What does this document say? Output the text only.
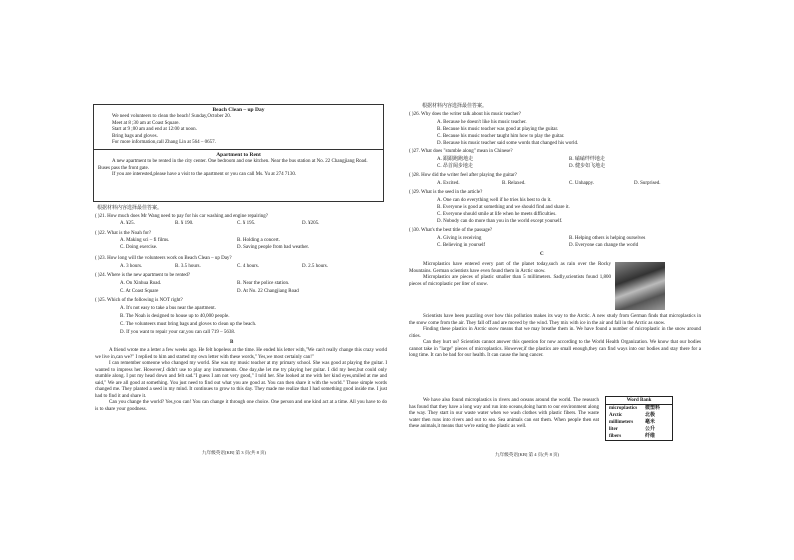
Beach Clean – up Day
We need volunteers to clean the beach! Sunday,October 20.
Meet at 8 ;30 am at Coast Square.
Start at 9 ;00 am and end at 12:00 at noon.
Bring bags and gloves.
For more information,call Zhang Lin at 564 – 0657.
Apartment to Rent
A new apartment to be rented in the city center. One bedroom and one kitchen. Near the bus station at No. 22 Changjiang Road. Buses pass the front gate.
If you are interested,please have a visit to the apartment or you can call Ms. Yu at 274 7130.
根据材料内容选择最佳答案。
( )21. How much does Mr Wang need to pay for his car washing and engine repairing?
A. ¥25.	B. ¥ 190.	C. ¥ 195.	D. ¥205.
( )22. What is the Noah for?
A. Making sci – fi films.	B. Holding a concert.
C. Doing exercise.	D. Saving people from bad weather.
( )23. How long will the volunteers work on Beach Clean – up Day?
A. 3 hours.	B. 3.5 hours.	C. 4 hours.	D. 2.5 hours.
( )24. Where is the new apartment to be rented?
A. On Xinhua Road.	B. Near the police station.
C. At Coast Square	D. At No. 22 Changjiang Road
( )25. Which of the following is NOT right?
A. It's not easy to take a bus near the apartment.
B. The Noah is designed to house up to 40,000 people.
C. The volunteers must bring bags and gloves to clean up the beach.
D. If you want to repair your car,you can call 719 – 5638.
B

A friend wrote me a letter a few weeks ago. He felt hopeless at the time. He ended his letter with,"We can't really change this crazy world we live in,can we?" I replied to him and started my own letter with these words," Yes,we most certainly can!"

I can remember someone who changed my world. She was my music teacher at my primary school. She was good at playing the guitar. I wanted to impress her. However,I didn't use to play any instruments. One day,she let me try playing her guitar. I did my best,but could only stumble along. I put my head down and felt sad."I guess I am not very good," I told her. She looked at me with her kind eyes,smiled at me and said," We are all good at something. You just need to find out what you are good at. You can then share it with the world." Those simple words changed me. They planted a seed in my mind. It continues to grow to this day. They made me realize that I had something good inside me. I just had to find it and share it.

Can you change the world? Yes,you can! You can change it through one choice. One person and one kind act at a time. All you have to do is to share your goodness.

九年级英语[KB] 第 3 页(共 8 页)
根据材料内容选择最佳答案。
( )26. Why does the writer talk about his music teacher?
A. Because he doesn't like his music teacher.
B. Because his music teacher was good at playing the guitar.
C. Because his music teacher taught him how to play the guitar.
D. Because his music teacher said some words that changed his world.
( )27. What does "stumble along" mean in Chinese?
A. 跟跟跑跑地走	B. 磕磕绊绊地走
C. 昂首阔步地走	D. 健步如飞地走
( )28. How did the writer feel after playing the guitar?
A. Excited.	B. Relaxed.	C. Unhappy.	D. Surprised.
( )29. What is the seed in the article?
A. One can do everything well if he tries his best to do it.
B. Everyone is good at something and we should find and share it.
C. Everyone should smile at life when he meets difficulties.
D. Nobody can do more than you in the world except yourself.
( )30. What's the best title of the passage?
A. Giving is receiving	B. Helping others is helping ourselves
C. Believing in yourself	D. Everyone can change the world
C

Microplastics have entered every part of the planet today,such as rain over the Rocky Mountains. German scientists have even found them in Arctic snow.

Microplastics are pieces of plastic smaller than 5 millimeters. Sadly,scientists found 1,800 pieces of microplastic per liter of snow.

Scientists have been puzzling over how this pollution makes its way to the Arctic. A new study from German finds that microplastics in the snow come from the air. They fall off and are moved by the wind. They mix with ice in the air and fall in the Arctic as snow.

Finding these plastics in Arctic snow means that we may breathe them in. We have found a number of microplastic in the snow around cities.

Can they hurt us? Scientists cannot answer this question for now according to the World Health Organization. We know that our bodies cannot take in "large" pieces of microplastics. However,if the plastics are small enough,they can find ways into our bodies and stay there for a long time. It can be bad for our health. It can cause the lung cancer.

We have also found microplastics in rivers and oceans around the world. The research has found that they have a long way and run into oceans,doing harm to our environment along the way. They start in our waste water when we wash clothes with plastic fibers. The waste water then runs into rivers and out to sea. Sea animals can eat them. When people then eat these animals,it means that we're eating the plastic as well.

Word Bank
microplastics	微塑料
Arctic	北极
millimeters	毫米
liter	公升
fibers	纤维
九年级英语[KB] 第 4 页(共 8 页)
